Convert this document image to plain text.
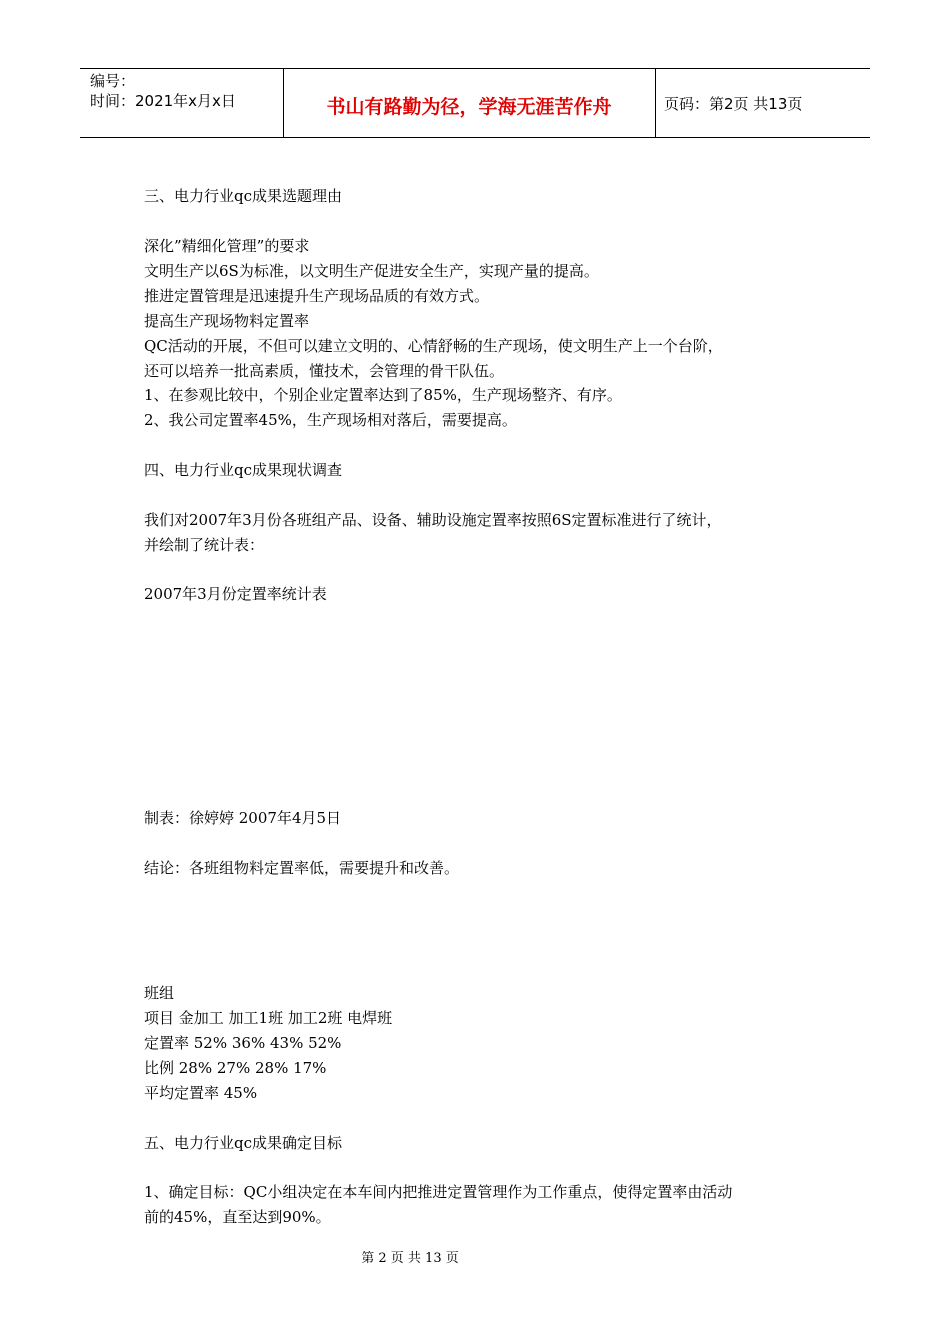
编号：
时间：2021年x月x日	书山有路勤为径，学海无涯苦作舟	页码：第2页 共13页
三、电力行业qc成果选题理由
深化”精细化管理”的要求
文明生产以6S为标准，以文明生产促进安全生产，实现产量的提高。
推进定置管理是迅速提升生产现场品质的有效方式。
提高生产现场物料定置率
QC活动的开展，不但可以建立文明的、心情舒畅的生产现场，使文明生产上一个台阶，
还可以培养一批高素质，懂技术，会管理的骨干队伍。
1、在参观比较中，个别企业定置率达到了85%，生产现场整齐、有序。
2、我公司定置率45%，生产现场相对落后，需要提高。
四、电力行业qc成果现状调查
我们对2007年3月份各班组产品、设备、辅助设施定置率按照6S定置标准进行了统计，
并绘制了统计表：
2007年3月份定置率统计表
制表：徐婷婷 2007年4月5日
结论：各班组物料定置率低，需要提升和改善。
班组
项目 金加工 加工1班 加工2班 电焊班
定置率 52% 36% 43% 52%
比例 28% 27% 28% 17%
平均定置率 45%
五、电力行业qc成果确定目标
1、确定目标：QC小组决定在本车间内把推进定置管理作为工作重点，使得定置率由活动
前的45%，直至达到90%。
第 2 页 共 13 页
